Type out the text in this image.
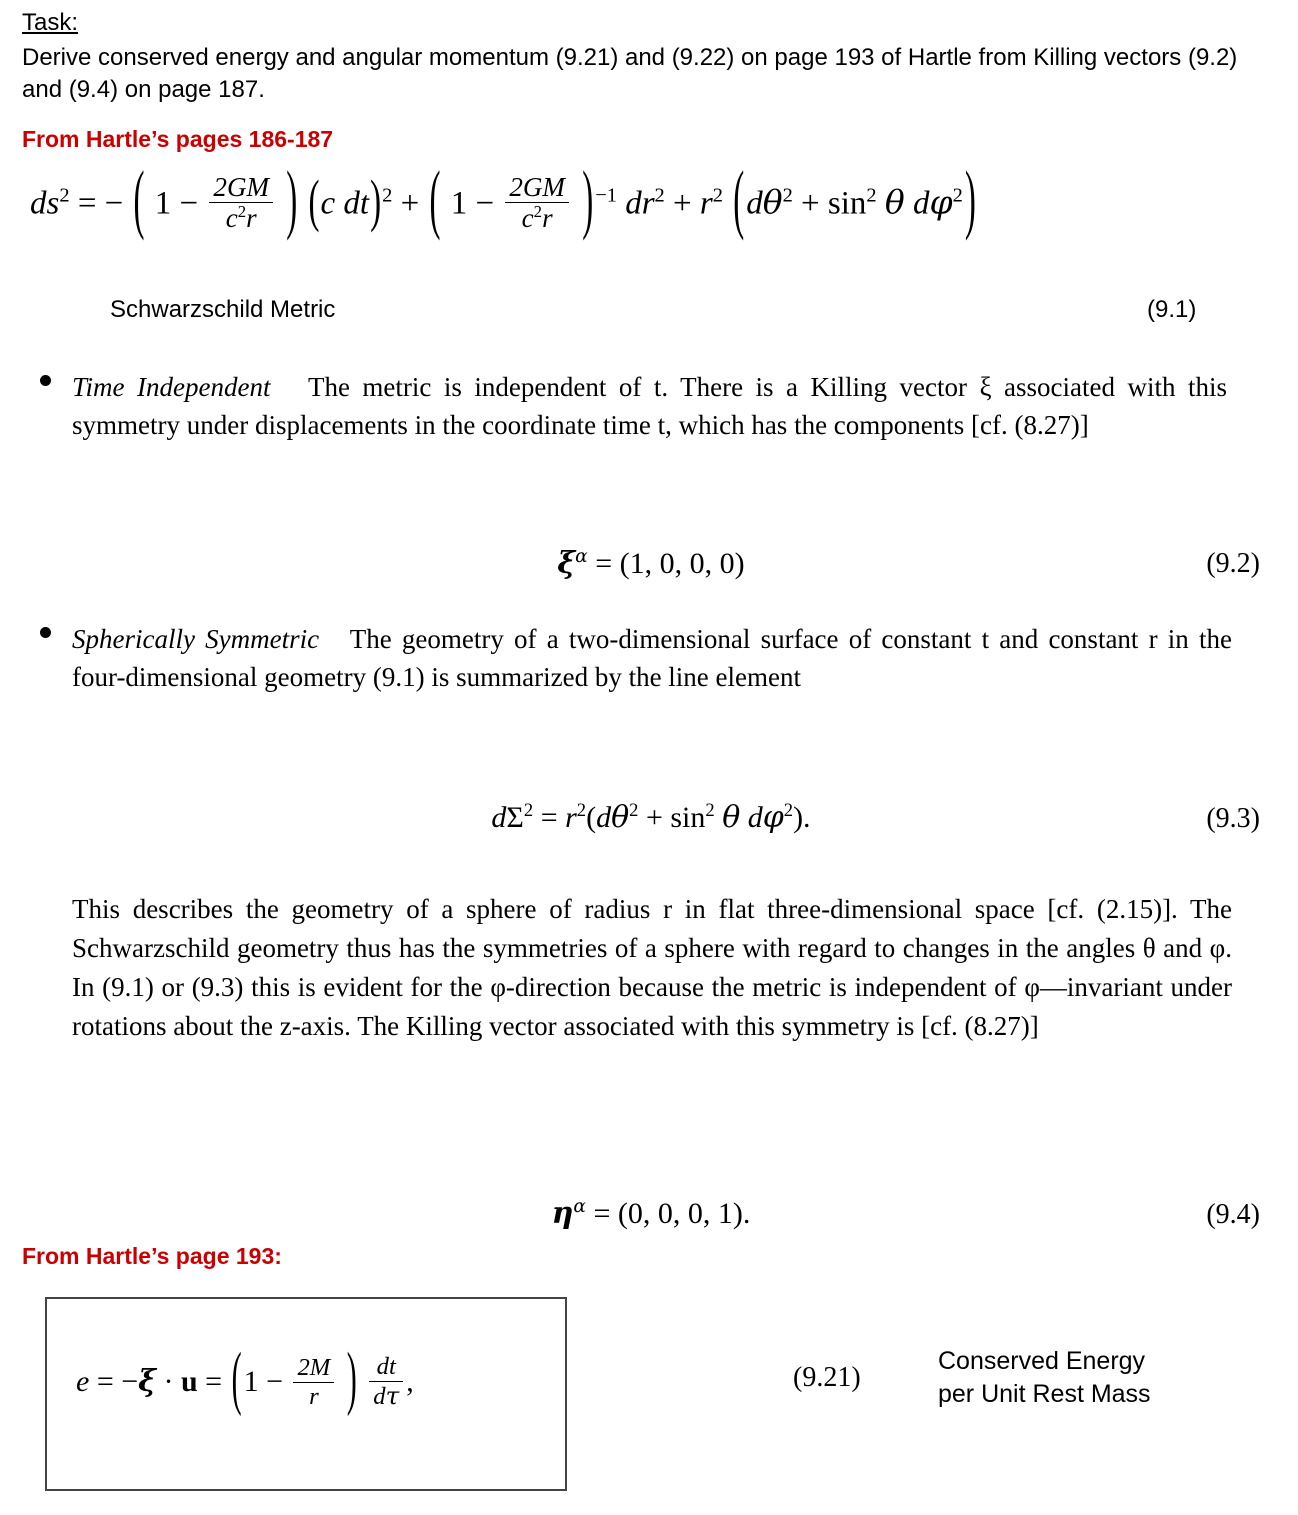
Task:
Derive conserved energy and angular momentum (9.21) and (9.22) on page 193 of Hartle from Killing vectors (9.2) and (9.4) on page 187.
From Hartle’s pages 186-187
$ds^2$ = − ( $1 - \frac{2GM}{c^2r}$ ) (c dt)$^2$ + ( $1 - \frac{2GM}{c^2r} )^{-1}$ $dr^2 + r^2$ ($d\theta^2 + \sin^2 \theta$ $d\varphi^2$)
Schwarzschild Metric	(9.1)
Time Independent The metric is independent of t. There is a Killing vector ξ associated with this symmetry under displacements in the coordinate time t, which has the components [cf. (8.27)]
$\xi^\alpha = (1$, 0, 0, 0)	(9.2)
Spherically Symmetric The geometry of a two-dimensional surface of constant t and constant r in the four-dimensional geometry (9.1) is summarized by the line element
$d\Sigma^2 = r^2(d\theta^2 + \sin^2 \theta$ $d\varphi^2$).	(9.3)
This describes the geometry of a sphere of radius r in flat three-dimensional space [cf. (2.15)]. The Schwarzschild geometry thus has the symmetries of a sphere with regard to changes in the angles θ and φ. In (9.1) or (9.3) this is evident for the φ-direction because the metric is independent of φ—invariant under rotations about the z-axis. The Killing vector associated with this symmetry is [cf. (8.27)]
$\eta^\alpha = (0$, 0, 0, 1).	(9.4)
From Hartle’s page 193:
$e = -\xi \cdot u = (1 - \frac{2M}{r}$ ) $\frac{dt}{d\tau}$ ,	(9.21)
Conserved Energy
per Unit Rest Mass
